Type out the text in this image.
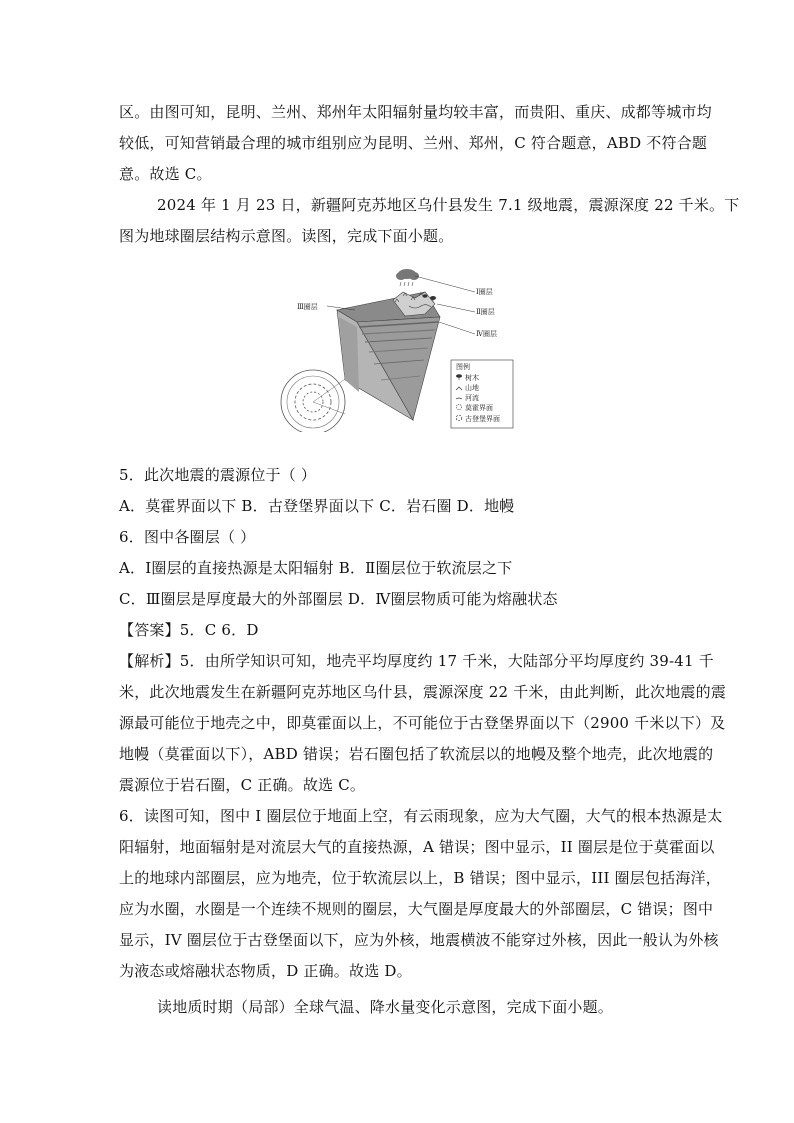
区。由图可知，昆明、兰州、郑州年太阳辐射量均较丰富，而贵阳、重庆、成都等城市均
较低，可知营销最合理的城市组别应为昆明、兰州、郑州，C 符合题意，ABD 不符合题
意。故选 C。
2024 年 1 月 23 日，新疆阿克苏地区乌什县发生 7.1 级地震，震源深度 22 千米。下
图为地球圈层结构示意图。读图，完成下面小题。
Ⅰ圈层
Ⅱ圈层
Ⅳ圈层
Ⅲ圈层
图例
树木
山地
河流
莫霍界面
古登堡界面
5．此次地震的震源位于（ ）
A．莫霍界面以下 B．古登堡界面以下 C．岩石圈 D．地幔
6．图中各圈层（ ）
A．Ⅰ圈层的直接热源是太阳辐射 B．Ⅱ圈层位于软流层之下
C．Ⅲ圈层是厚度最大的外部圈层 D．Ⅳ圈层物质可能为熔融状态
【答案】5．C 6．D
【解析】5．由所学知识可知，地壳平均厚度约 17 千米，大陆部分平均厚度约 39-41 千
米，此次地震发生在新疆阿克苏地区乌什县，震源深度 22 千米，由此判断，此次地震的震
源最可能位于地壳之中，即莫霍面以上，不可能位于古登堡界面以下（2900 千米以下）及
地幔（莫霍面以下），ABD 错误；岩石圈包括了软流层以的地幔及整个地壳，此次地震的
震源位于岩石圈，C 正确。故选 C。
6．读图可知，图中 I 圈层位于地面上空，有云雨现象，应为大气圈，大气的根本热源是太
阳辐射，地面辐射是对流层大气的直接热源，A 错误；图中显示，II 圈层是位于莫霍面以
上的地球内部圈层，应为地壳，位于软流层以上，B 错误；图中显示，III 圈层包括海洋，
应为水圈，水圈是一个连续不规则的圈层，大气圈是厚度最大的外部圈层，C 错误；图中
显示，IV 圈层位于古登堡面以下，应为外核，地震横波不能穿过外核，因此一般认为外核
为液态或熔融状态物质，D 正确。故选 D。
读地质时期（局部）全球气温、降水量变化示意图，完成下面小题。
